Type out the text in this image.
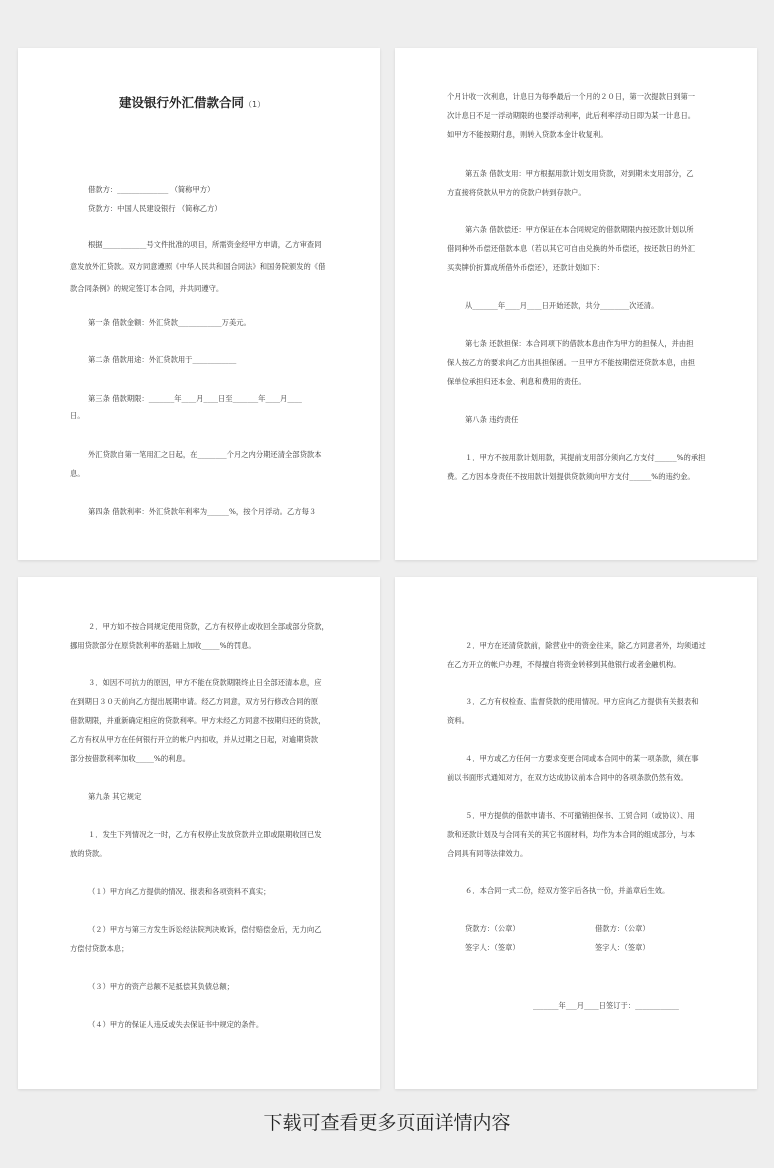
建设银行外汇借款合同（1）

借款方：______________ （简称甲方）

贷款方：中国人民建设银行 （简称乙方）

根据____________号文件批准的项目，所需资金经甲方申请，乙方审查同

意发放外汇贷款。双方同意遵照《中华人民共和国合同法》和国务院颁发的《借

款合同条例》的规定签订本合同，并共同遵守。

第一条 借款金额：外汇贷款____________万美元。

第二条 借款用途：外汇贷款用于____________

第三条 借款期限：_______年____月____日至_______年____月____

日。

外汇贷款自第一笔用汇之日起，在________个月之内分期还清全部贷款本

息。

第四条 借款利率：外汇贷款年利率为______%，按个月浮动。乙方每３

个月计收一次利息，计息日为每季最后一个月的２０日，第一次提款日到第一

次计息日不足一浮动期限的也要浮动利率，此后利率浮动日即为某一计息日。

如甲方不能按期付息，则转入贷款本金计收复利。

第五条 借款支用：甲方根据用款计划支用贷款，对到期未支用部分，乙

方直接将贷款从甲方的贷款户转到存款户。

第六条 借款偿还：甲方保证在本合同规定的借款期限内按还款计划以所

借同种外币偿还借款本息（若以其它可自由兑换的外币偿还，按还款日的外汇

买卖牌价折算成所借外币偿还），还款计划如下：

从_______年____月____日开始还款，共分________次还清。

第七条 还款担保：本合同项下的借款本息由作为甲方的担保人，并由担

保人按乙方的要求向乙方出具担保函。一旦甲方不能按期偿还贷款本息，由担

保单位承担归还本金、利息和费用的责任。

第八条 违约责任

１．甲方不按用款计划用款，其提前支用部分须向乙方支付______%的承担

费。乙方因本身责任不按用款计划提供贷款须向甲方支付______%的违约金。

２．甲方如不按合同规定使用贷款，乙方有权停止或收回全部或部分贷款，

挪用贷款部分在原贷款利率的基础上加收_____%的罚息。

３．如因不可抗力的原因，甲方不能在贷款期限终止日全部还清本息，应

在到期日３０天前向乙方提出展期申请。经乙方同意，双方另行修改合同的原

借款期限，并重新确定相应的贷款利率。甲方未经乙方同意不按期归还的贷款，

乙方有权从甲方在任何银行开立的帐户内扣收，并从过期之日起，对逾期贷款

部分按借款利率加收_____%的利息。

第九条 其它规定

１．发生下列情况之一时，乙方有权停止发放贷款并立即或限期收回已发

放的贷款。

（１）甲方向乙方提供的情况、报表和各项资料不真实；

（２）甲方与第三方发生诉讼经法院判决败诉，偿付赔偿金后，无力向乙

方偿付贷款本息；

（３）甲方的资产总额不足抵偿其负债总额；

（４）甲方的保证人违反或失去保证书中规定的条件。

２．甲方在还清贷款前，除营业中的资金往来，除乙方同意者外，均须通过

在乙方开立的帐户办理，不得擅自将资金转移到其他银行或者金融机构。

３．乙方有权检查、监督贷款的使用情况。甲方应向乙方提供有关报表和

资料。

４．甲方或乙方任何一方要求变更合同或本合同中的某一项条款，须在事

前以书面形式通知对方，在双方达成协议前本合同中的各项条款仍然有效。

５．甲方提供的借款申请书、不可撤销担保书、工贸合同（或协议）、用

款和还款计划及与合同有关的其它书面材料，均作为本合同的组成部分，与本

合同具有同等法律效力。

６．本合同一式二份，经双方签字后各执一份，并盖章后生效。

贷款方：（公章）	借款方：（公章）

签字人：（签章）	签字人：（签章）

_______年___月____日签订于：____________

下载可查看更多页面详情内容
